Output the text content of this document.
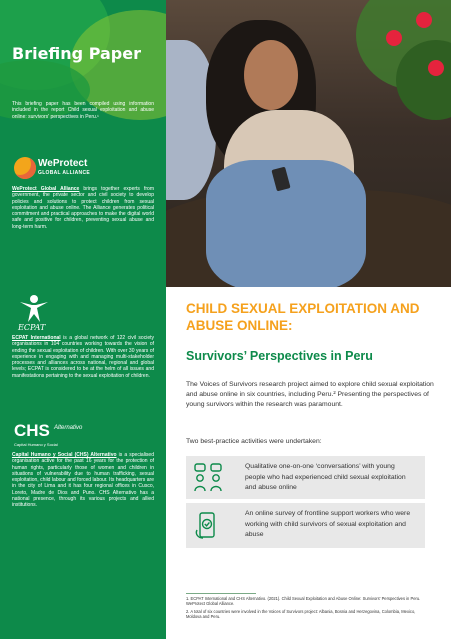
Briefing Paper
This briefing paper has been compiled using information included in the report Child sexual exploitation and abuse online: survivors' perspectives in Peru.¹
WeProtect
GLOBAL ALLIANCE
WeProtect Global Alliance brings together experts from government, the private sector and civil society to develop policies and solutions to protect children from sexual exploitation and abuse online. The Alliance generates political commitment and practical approaches to make the digital world safe and positive for children, preventing sexual abuse and long-term harm.
ECPAT
ECPAT International is a global network of 122 civil society organisations in 104 countries working towards the vision of ending the sexual exploitation of children. With over 30 years of experience in engaging with and managing multi-stakeholder processes and alliances across national, regional and global levels; ECPAT is considered to be at the helm of all issues and manifestations pertaining to the sexual exploitation of children.
CHS Alternativo
Capital Humano y Social
Capital Humano y Social (CHS) Alternativo is a specialised organisation active for the past 16 years for the protection of human rights, particularly those of women and children in situations of vulnerability due to human trafficking, sexual exploitation, child labour and forced labour. Its headquarters are in the city of Lima and it has four regional offices in Cusco, Loreto, Madre de Dios and Puno. CHS Alternativo has a national presence, through its various projects and allied institutions.
CHILD SEXUAL EXPLOITATION AND ABUSE ONLINE:
Survivors’ Perspectives in Peru
The Voices of Survivors research project aimed to explore child sexual exploitation and abuse online in six countries, including Peru.² Presenting the perspectives of young survivors within the research was paramount.
Two best-practice activities were undertaken:
Qualitative one-on-one ‘conversations’ with young people who had experienced child sexual exploitation and abuse online
An online survey of frontline support workers who were working with child survivors of sexual exploitation and abuse
1. ECPAT International and CHS Alternativo. (2021). Child Sexual Exploitation and Abuse Online: Survivors' Perspectives in Peru. WeProtect Global Alliance.
2. A total of six countries were involved in the Voices of Survivors project: Albania, Bosnia and Herzegovina, Colombia, Mexico, Moldova and Peru.
